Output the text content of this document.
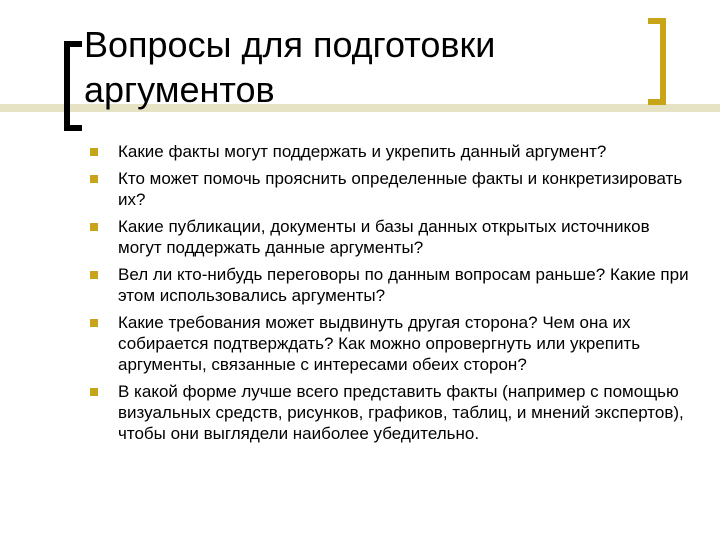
Вопросы для подготовки аргументов
Какие факты могут поддержать и укрепить данный аргумент?
Кто может помочь прояснить определенные факты и конкретизировать их?
Какие публикации, документы и базы данных открытых источников могут поддержать данные аргументы?
Вел ли кто-нибудь переговоры по данным вопросам раньше? Какие при этом использовались аргументы?
Какие требования может выдвинуть другая сторона? Чем она их собирается подтверждать? Как можно опровергнуть или укрепить аргументы, связанные с интересами обеих сторон?
В какой форме лучше всего представить факты (например с помощью визуальных средств, рисунков, графиков, таблиц, и мнений экспертов), чтобы они выглядели наиболее убедительно.
